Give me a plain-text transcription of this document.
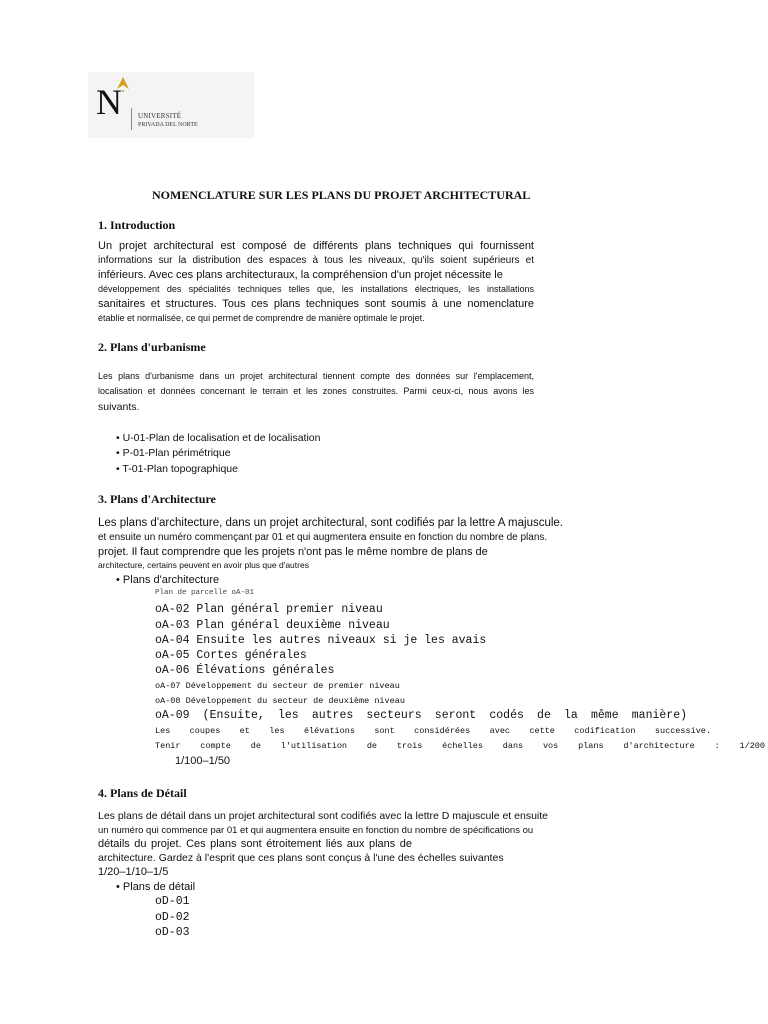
N UNIVERSITÉ
PRIVADA DEL NORTE
NOMENCLATURE SUR LES PLANS DU PROJET ARCHITECTURAL
1. Introduction
Un projet architectural est composé de différents plans techniques qui fournissent
informations sur la distribution des espaces à tous les niveaux, qu'ils soient supérieurs et
inférieurs. Avec ces plans architecturaux, la compréhension d'un projet nécessite le
développement des spécialités techniques telles que, les installations électriques, les installations
sanitaires et structures. Tous ces plans techniques sont soumis à une nomenclature
établie et normalisée, ce qui permet de comprendre de manière optimale le projet.
2. Plans d'urbanisme
Les plans d'urbanisme dans un projet architectural tiennent compte des données sur l'emplacement,
localisation et données concernant le terrain et les zones construites. Parmi ceux-ci, nous avons les
suivants.
• U-01-Plan de localisation et de localisation
• P-01-Plan périmétrique
• T-01-Plan topographique
3. Plans d'Architecture
Les plans d'architecture, dans un projet architectural, sont codifiés par la lettre A majuscule.
et ensuite un numéro commençant par 01 et qui augmentera ensuite en fonction du nombre de plans.
projet. Il faut comprendre que les projets n'ont pas le même nombre de plans de
architecture, certains peuvent en avoir plus que d'autres
• Plans d'architecture
Plan de parcelle oA-01
oA-02 Plan général premier niveau
oA-03 Plan général deuxième niveau
oA-04 Ensuite les autres niveaux si je les avais
oA-05 Cortes générales
oA-06 Élévations générales
oA-07 Développement du secteur de premier niveau
oA-08 Développement du secteur de deuxième niveau
oA-09 (Ensuite, les autres secteurs seront codés de la même manière)
Les coupes et les élévations sont considérées avec cette codification successive.
Tenir compte de l'utilisation de trois échelles dans vos plans d'architecture : 1/200
1/100–1/50
4. Plans de Détail
Les plans de détail dans un projet architectural sont codifiés avec la lettre D majuscule et ensuite
un numéro qui commence par 01 et qui augmentera ensuite en fonction du nombre de spécifications ou
détails du projet. Ces plans sont étroitement liés aux plans de
architecture. Gardez à l'esprit que ces plans sont conçus à l'une des échelles suivantes
1/20–1/10–1/5
• Plans de détail
oD-01
oD-02
oD-03
